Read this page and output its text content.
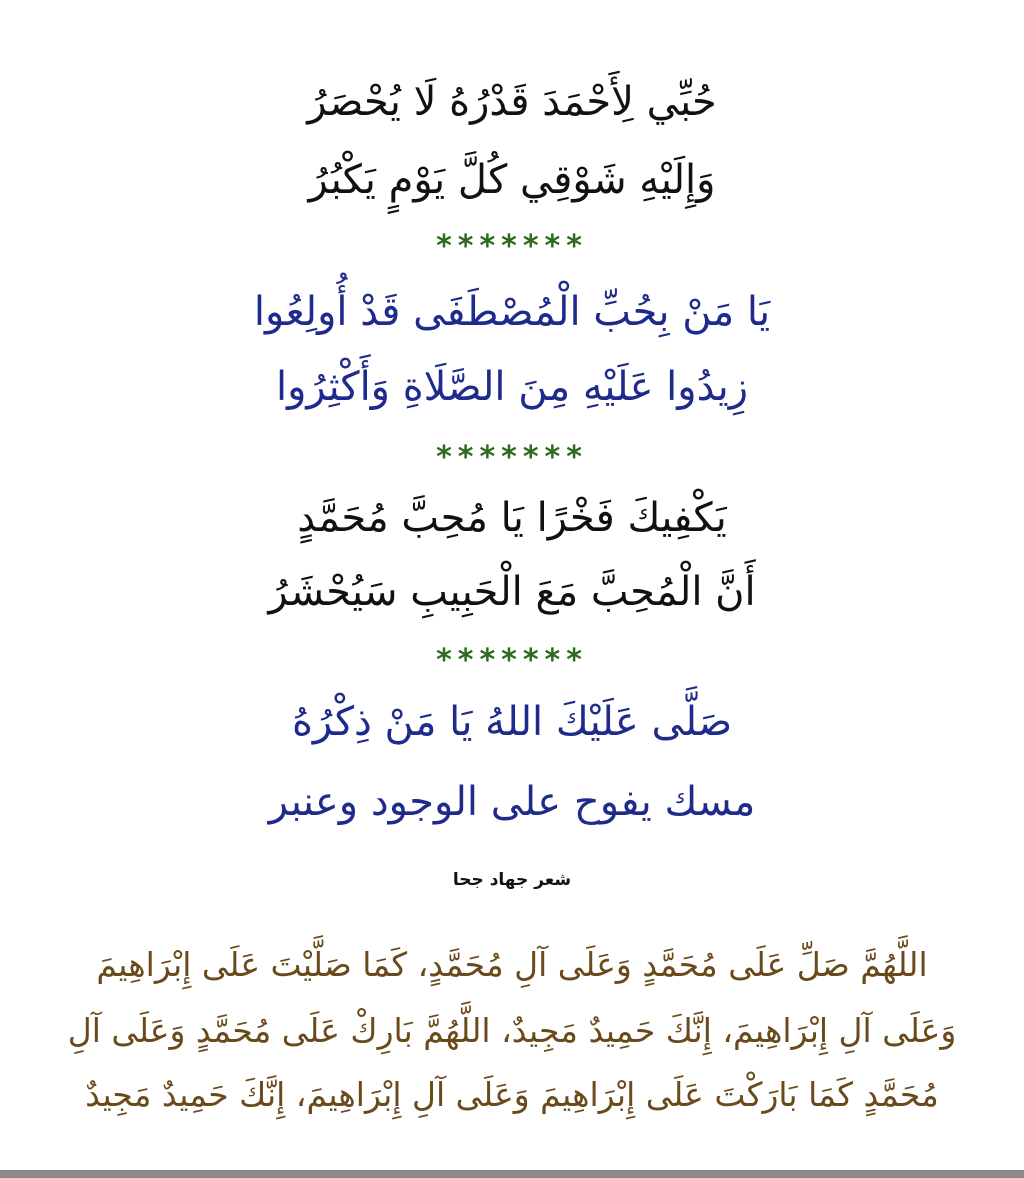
حُبِّي لِأَحْمَدَ قَدْرُهُ لَا يُحْصَرُ
وَإِلَيْهِ شَوْقِي كُلَّ يَوْمٍ يَكْبُرُ
*******
يَا مَنْ بِحُبِّ الْمُصْطَفَى قَدْ أُولِعُوا
زِيدُوا عَلَيْهِ مِنَ الصَّلَاةِ وَأَكْثِرُوا
*******
يَكْفِيكَ فَخْرًا يَا مُحِبَّ مُحَمَّدٍ
أَنَّ الْمُحِبَّ مَعَ الْحَبِيبِ سَيُحْشَرُ
*******
صَلَّى عَلَيْكَ اللهُ يَا مَنْ ذِكْرُهُ
مسك يفوح على الوجود وعنبر
شعر جهاد جحا
اللَّهُمَّ صَلِّ عَلَى مُحَمَّدٍ وَعَلَى آلِ مُحَمَّدٍ، كَمَا صَلَّيْتَ عَلَى إِبْرَاهِيمَ
وَعَلَى آلِ إِبْرَاهِيمَ، إِنَّكَ حَمِيدٌ مَجِيدٌ، اللَّهُمَّ بَارِكْ عَلَى مُحَمَّدٍ وَعَلَى آلِ
مُحَمَّدٍ كَمَا بَارَكْتَ عَلَى إِبْرَاهِيمَ وَعَلَى آلِ إِبْرَاهِيمَ، إِنَّكَ حَمِيدٌ مَجِيدٌ
